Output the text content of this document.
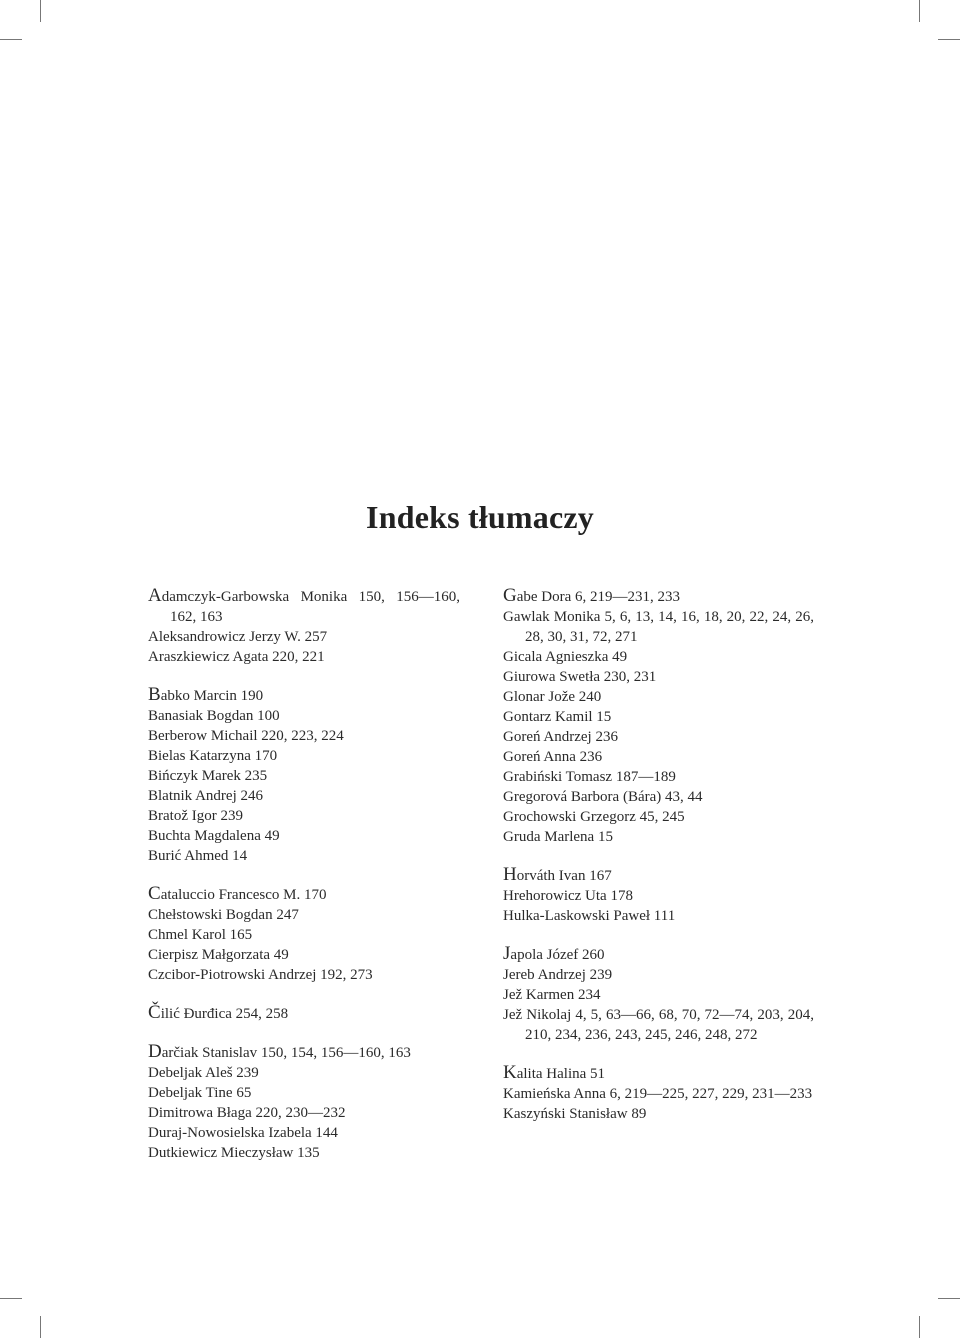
Indeks tłumaczy
Adamczyk-Garbowska Monika 150, 156—160, 162, 163
Aleksandrowicz Jerzy W. 257
Araszkiewicz Agata 220, 221
Babko Marcin 190
Banasiak Bogdan 100
Berberow Michail 220, 223, 224
Bielas Katarzyna 170
Bińczyk Marek 235
Blatnik Andrej 246
Bratož Igor 239
Buchta Magdalena 49
Burić Ahmed 14
Cataluccio Francesco M. 170
Chełstowski Bogdan 247
Chmel Karol 165
Cierpisz Małgorzata 49
Czcibor-Piotrowski Andrzej 192, 273
Čilić Đurđica 254, 258
Darčiak Stanislav 150, 154, 156—160, 163
Debeljak Aleš 239
Debeljak Tine 65
Dimitrowa Błaga 220, 230—232
Duraj-Nowosielska Izabela 144
Dutkiewicz Mieczysław 135
Gabe Dora 6, 219—231, 233
Gawlak Monika 5, 6, 13, 14, 16, 18, 20, 22, 24, 26, 28, 30, 31, 72, 271
Gicala Agnieszka 49
Giurowa Swetła 230, 231
Glonar Jože 240
Gontarz Kamil 15
Goreń Andrzej 236
Goreń Anna 236
Grabiński Tomasz 187—189
Gregorová Barbora (Bára) 43, 44
Grochowski Grzegorz 45, 245
Gruda Marlena 15
Horváth Ivan 167
Hrehorowicz Uta 178
Hulka-Laskowski Paweł 111
Japola Józef 260
Jereb Andrzej 239
Jež Karmen 234
Jež Nikolaj 4, 5, 63—66, 68, 70, 72—74, 203, 204, 210, 234, 236, 243, 245, 246, 248, 272
Kalita Halina 51
Kamieńska Anna 6, 219—225, 227, 229, 231—233
Kaszyński Stanisław 89
